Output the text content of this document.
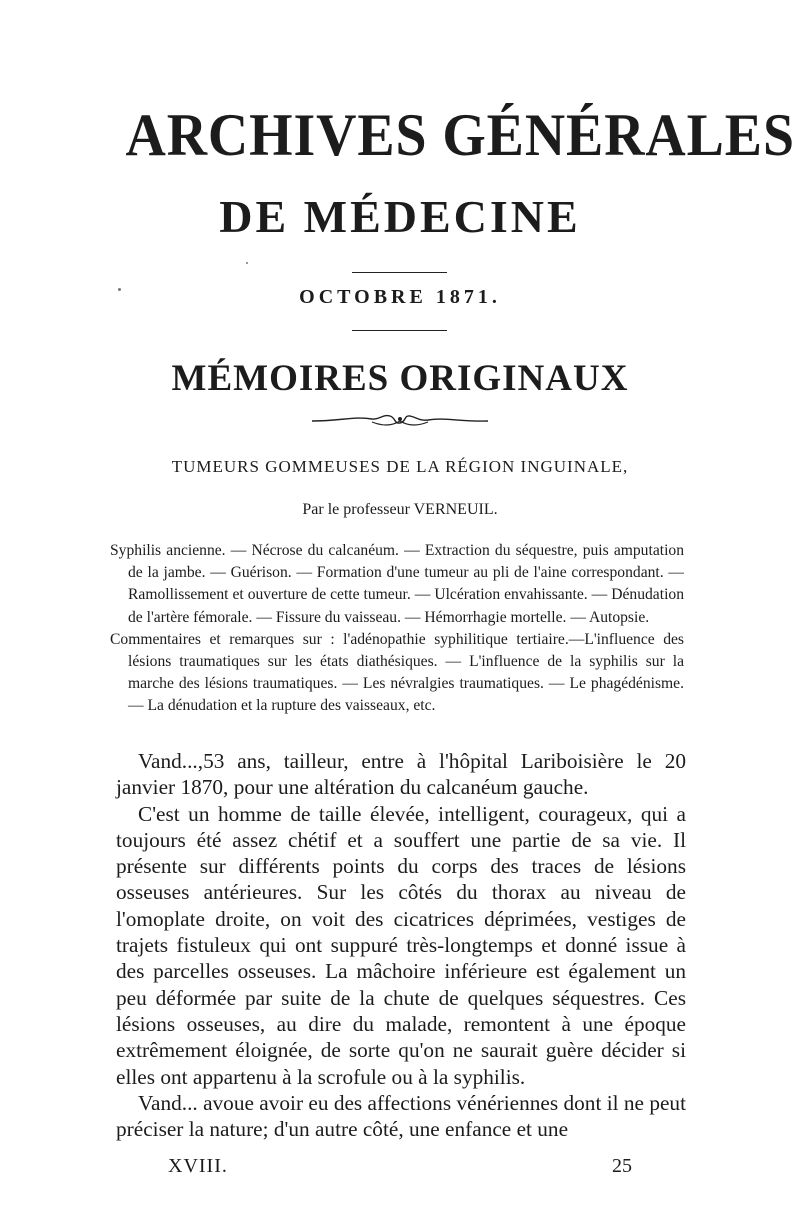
ARCHIVES GÉNÉRALES
DE MÉDECINE
OCTOBRE 1871.
MÉMOIRES ORIGINAUX
TUMEURS GOMMEUSES DE LA RÉGION INGUINALE,
Par le professeur VERNEUIL.

Syphilis ancienne. — Nécrose du calcanéum. — Extraction du séquestre, puis amputation de la jambe. — Guérison. — Formation d'une tumeur au pli de l'aine correspondant. — Ramollissement et ouverture de cette tumeur. — Ulcération envahissante. — Dénudation de l'artère fémorale. — Fissure du vaisseau. — Hémorrhagie mortelle. — Autopsie.

Commentaires et remarques sur : l'adénopathie syphilitique tertiaire.—L'influence des lésions traumatiques sur les états diathésiques. — L'influence de la syphilis sur la marche des lésions traumatiques. — Les névralgies traumatiques. — Le phagédénisme. — La dénudation et la rupture des vaisseaux, etc.

Vand...,53 ans, tailleur, entre à l'hôpital Lariboisière le 20 janvier 1870, pour une altération du calcanéum gauche.

C'est un homme de taille élevée, intelligent, courageux, qui a toujours été assez chétif et a souffert une partie de sa vie. Il présente sur différents points du corps des traces de lésions osseuses antérieures. Sur les côtés du thorax au niveau de l'omoplate droite, on voit des cicatrices déprimées, vestiges de trajets fistuleux qui ont suppuré très-longtemps et donné issue à des parcelles osseuses. La mâchoire inférieure est également un peu déformée par suite de la chute de quelques séquestres. Ces lésions osseuses, au dire du malade, remontent à une époque extrêmement éloignée, de sorte qu'on ne saurait guère décider si elles ont appartenu à la scrofule ou à la syphilis.

Vand... avoue avoir eu des affections vénériennes dont il ne peut préciser la nature; d'un autre côté, une enfance et une

XVIII.	25
